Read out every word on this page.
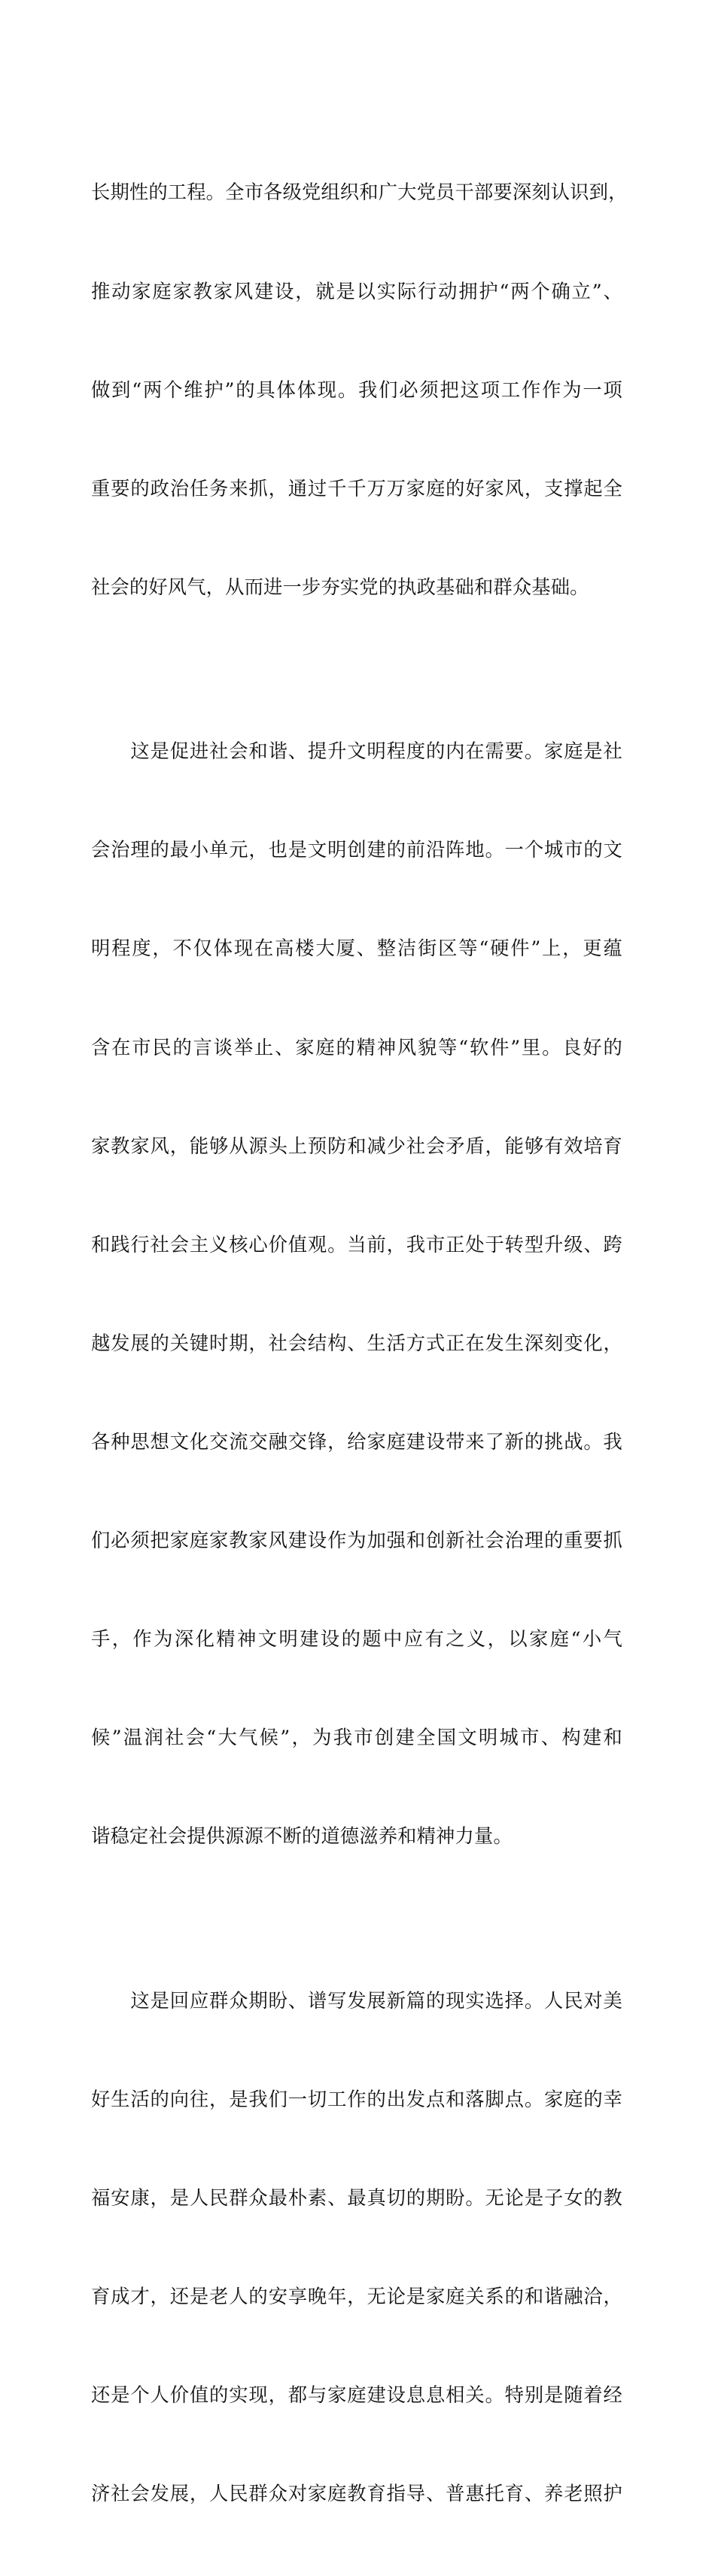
长期性的工程。全市各级党组织和广大党员干部要深刻认识到，

推动家庭家教家风建设，就是以实际行动拥护“两个确立”、

做到“两个维护”的具体体现。我们必须把这项工作作为一项

重要的政治任务来抓，通过千千万万家庭的好家风，支撑起全

社会的好风气，从而进一步夯实党的执政基础和群众基础。

　　这是促进社会和谐、提升文明程度的内在需要。家庭是社

会治理的最小单元，也是文明创建的前沿阵地。一个城市的文

明程度，不仅体现在高楼大厦、整洁街区等“硬件”上，更蕴

含在市民的言谈举止、家庭的精神风貌等“软件”里。良好的

家教家风，能够从源头上预防和减少社会矛盾，能够有效培育

和践行社会主义核心价值观。当前，我市正处于转型升级、跨

越发展的关键时期，社会结构、生活方式正在发生深刻变化，

各种思想文化交流交融交锋，给家庭建设带来了新的挑战。我

们必须把家庭家教家风建设作为加强和创新社会治理的重要抓

手，作为深化精神文明建设的题中应有之义，以家庭“小气

候”温润社会“大气候”，为我市创建全国文明城市、构建和

谐稳定社会提供源源不断的道德滋养和精神力量。

　　这是回应群众期盼、谱写发展新篇的现实选择。人民对美

好生活的向往，是我们一切工作的出发点和落脚点。家庭的幸

福安康，是人民群众最朴素、最真切的期盼。无论是子女的教

育成才，还是老人的安享晚年，无论是家庭关系的和谐融洽，

还是个人价值的实现，都与家庭建设息息相关。特别是随着经

济社会发展，人民群众对家庭教育指导、普惠托育、养老照护
